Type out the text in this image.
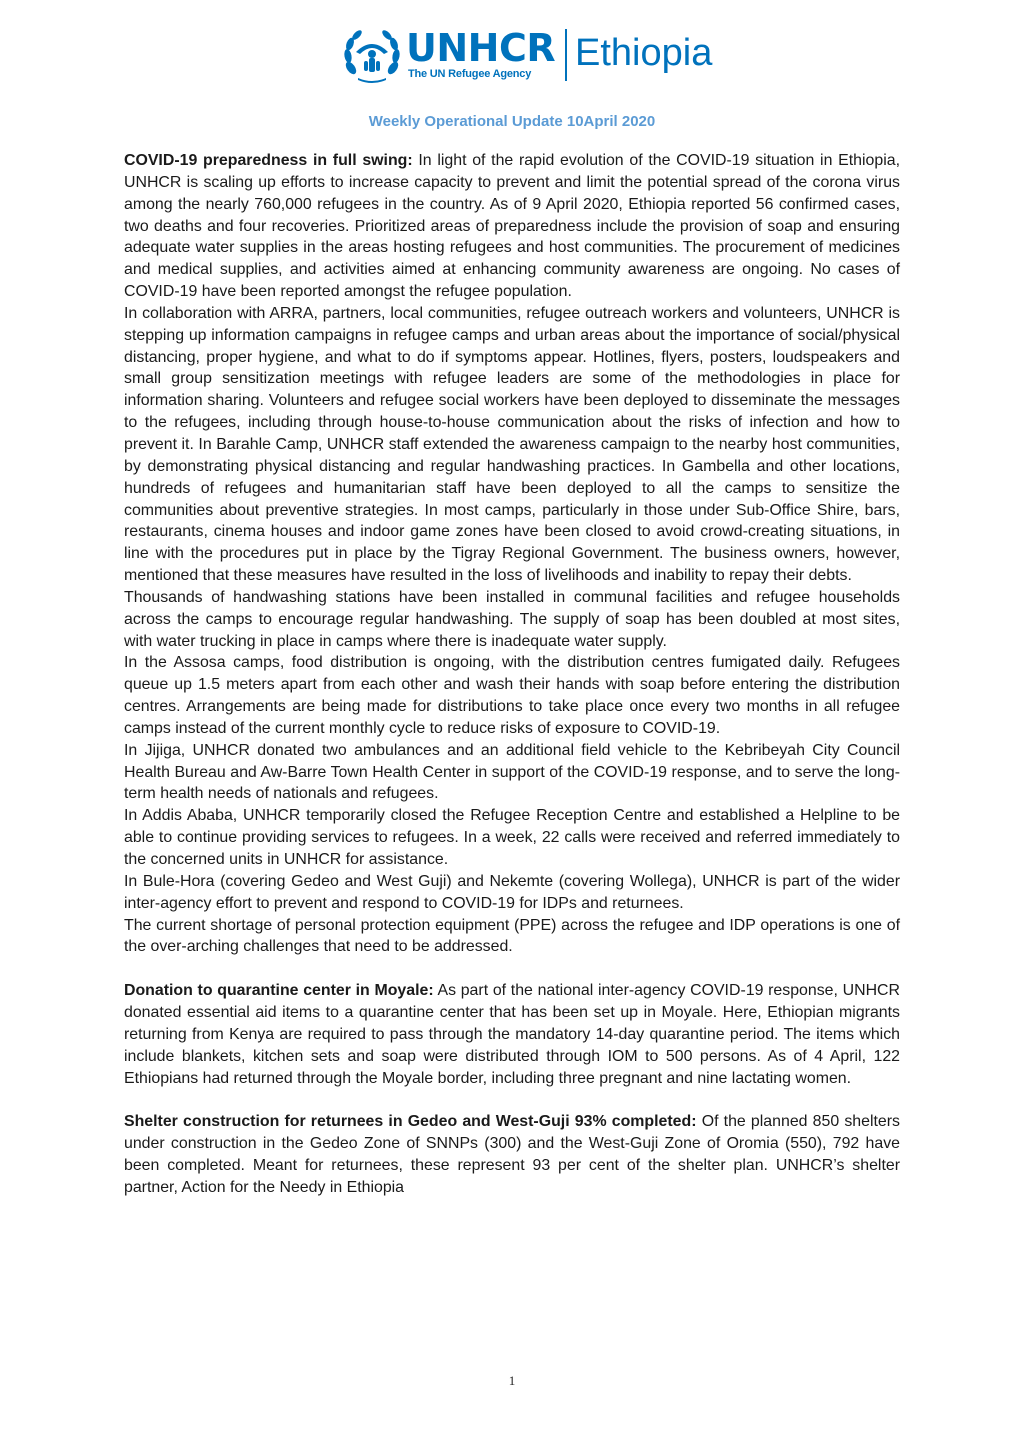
UNHCR
The UN Refugee Agency Ethiopia
Weekly Operational Update 10April 2020

COVID-19 preparedness in full swing: In light of the rapid evolution of the COVID-19 situation in Ethiopia, UNHCR is scaling up efforts to increase capacity to prevent and limit the potential spread of the corona virus among the nearly 760,000 refugees in the country. As of 9 April 2020, Ethiopia reported 56 confirmed cases, two deaths and four recoveries. Prioritized areas of preparedness include the provision of soap and ensuring adequate water supplies in the areas hosting refugees and host communities. The procurement of medicines and medical supplies, and activities aimed at enhancing community awareness are ongoing. No cases of COVID-19 have been reported amongst the refugee population.

In collaboration with ARRA, partners, local communities, refugee outreach workers and volunteers, UNHCR is stepping up information campaigns in refugee camps and urban areas about the importance of social/physical distancing, proper hygiene, and what to do if symptoms appear. Hotlines, flyers, posters, loudspeakers and small group sensitization meetings with refugee leaders are some of the methodologies in place for information sharing. Volunteers and refugee social workers have been deployed to disseminate the messages to the refugees, including through house-to-house communication about the risks of infection and how to prevent it. In Barahle Camp, UNHCR staff extended the awareness campaign to the nearby host communities, by demonstrating physical distancing and regular handwashing practices. In Gambella and other locations, hundreds of refugees and humanitarian staff have been deployed to all the camps to sensitize the communities about preventive strategies. In most camps, particularly in those under Sub-Office Shire, bars, restaurants, cinema houses and indoor game zones have been closed to avoid crowd-creating situations, in line with the procedures put in place by the Tigray Regional Government. The business owners, however, mentioned that these measures have resulted in the loss of livelihoods and inability to repay their debts.

Thousands of handwashing stations have been installed in communal facilities and refugee households across the camps to encourage regular handwashing. The supply of soap has been doubled at most sites, with water trucking in place in camps where there is inadequate water supply.

In the Assosa camps, food distribution is ongoing, with the distribution centres fumigated daily. Refugees queue up 1.5 meters apart from each other and wash their hands with soap before entering the distribution centres. Arrangements are being made for distributions to take place once every two months in all refugee camps instead of the current monthly cycle to reduce risks of exposure to COVID-19.

In Jijiga, UNHCR donated two ambulances and an additional field vehicle to the Kebribeyah City Council Health Bureau and Aw-Barre Town Health Center in support of the COVID-19 response, and to serve the long-term health needs of nationals and refugees.

In Addis Ababa, UNHCR temporarily closed the Refugee Reception Centre and established a Helpline to be able to continue providing services to refugees. In a week, 22 calls were received and referred immediately to the concerned units in UNHCR for assistance.

In Bule-Hora (covering Gedeo and West Guji) and Nekemte (covering Wollega), UNHCR is part of the wider inter-agency effort to prevent and respond to COVID-19 for IDPs and returnees.

The current shortage of personal protection equipment (PPE) across the refugee and IDP operations is one of the over-arching challenges that need to be addressed.

Donation to quarantine center in Moyale: As part of the national inter-agency COVID-19 response, UNHCR donated essential aid items to a quarantine center that has been set up in Moyale. Here, Ethiopian migrants returning from Kenya are required to pass through the mandatory 14-day quarantine period. The items which include blankets, kitchen sets and soap were distributed through IOM to 500 persons. As of 4 April, 122 Ethiopians had returned through the Moyale border, including three pregnant and nine lactating women.

Shelter construction for returnees in Gedeo and West-Guji 93% completed: Of the planned 850 shelters under construction in the Gedeo Zone of SNNPs (300) and the West-Guji Zone of Oromia (550), 792 have been completed. Meant for returnees, these represent 93 per cent of the shelter plan. UNHCR’s shelter partner, Action for the Needy in Ethiopia

1
